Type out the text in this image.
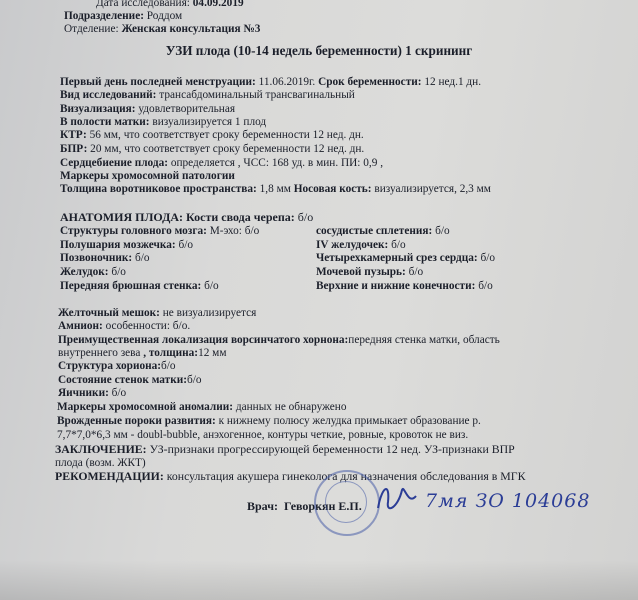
Дата исследования: 04.09.2019
Подразделение: Роддом
Отделение: Женская консультация №3
УЗИ плода (10-14 недель беременности) 1 скрининг
Первый день последней менструации: 11.06.2019г. Срок беременности: 12 нед.1 дн.
Вид исследований: трансабдоминальный трансвагинальный
Визуализация: удовлетворительная
В полости матки: визуализируется 1 плод
КТР: 56 мм, что соответствует сроку беременности 12 нед. дн.
БПР: 20 мм, что соответствует сроку беременности 12 нед. дн.
Сердцебиение плода: определяется , ЧСС: 168 уд. в мин. ПИ: 0,9 ,
Маркеры хромосомной патологии
Толщина воротниковое пространства: 1,8 мм Носовая кость: визуализируется, 2,3 мм
АНАТОМИЯ ПЛОДА: Кости свода черепа: б/о
Структуры головного мозга: М-эхо: б/о
Полушария мозжечка: б/о
Позвоночник: б/о
Желудок: б/о
Передняя брюшная стенка: б/о
сосудистые сплетения: б/о
IV желудочек: б/о
Четырехкамерный срез сердца: б/о
Мочевой пузырь: б/о
Верхние и нижние конечности: б/о
Желточный мешок: не визуализируется
Амнион: особенности: б/о.
Преимущественная локализация ворсинчатого хорнона:передняя стенка матки, область
внутреннего зева , толщина:12 мм
Структура хориона:б/о
Состояние стенок матки:б/о
Яичники: б/о
Маркеры хромосомной аномалии: данных не обнаружено
Врожденные пороки развития: к нижнему полюсу желудка примыкает образование р.
7,7*7,0*6,3 мм - doubl-bubble, анэхогенное, контуры четкие, ровные, кровоток не виз.
ЗАКЛЮЧЕНИЕ: УЗ-признаки прогрессирующей беременности 12 нед. УЗ-признаки ВПР
плода (возм. ЖКТ)
РЕКОМЕНДАЦИИ: консультация акушера гинеколога для назначения обследования в МГК
Врач: Геворкян Е.П.	7мя ЗО 104068
